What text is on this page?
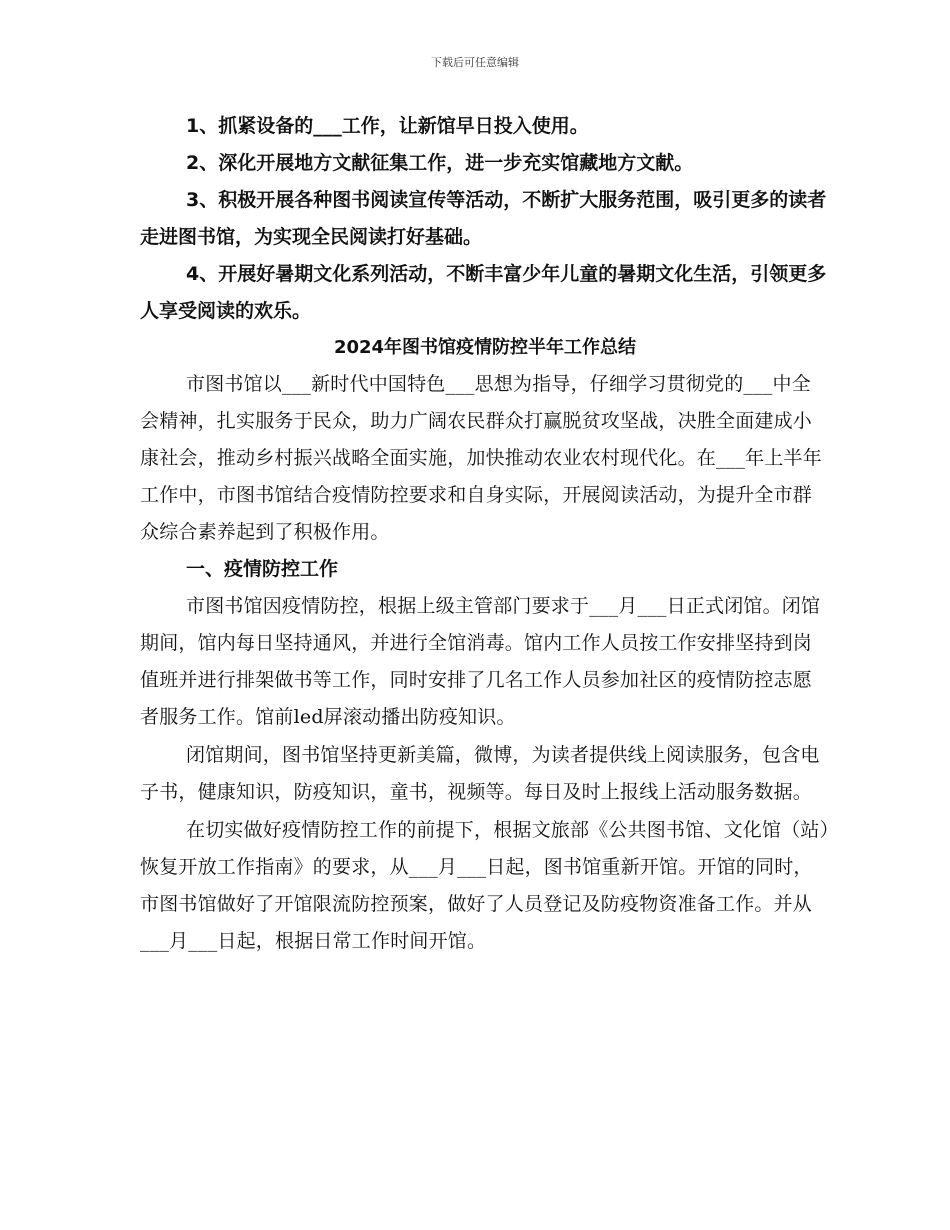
下载后可任意编辑

1、抓紧设备的___工作，让新馆早日投入使用。

2、深化开展地方文献征集工作，进一步充实馆藏地方文献。

3、积极开展各种图书阅读宣传等活动，不断扩大服务范围，吸引更多的读者走进图书馆，为实现全民阅读打好基础。

4、开展好暑期文化系列活动，不断丰富少年儿童的暑期文化生活，引领更多人享受阅读的欢乐。

2024年图书馆疫情防控半年工作总结

市图书馆以___新时代中国特色___思想为指导，仔细学习贯彻党的___中全会精神，扎实服务于民众，助力广阔农民群众打赢脱贫攻坚战，决胜全面建成小康社会，推动乡村振兴战略全面实施，加快推动农业农村现代化。在___年上半年工作中，市图书馆结合疫情防控要求和自身实际，开展阅读活动，为提升全市群众综合素养起到了积极作用。

一、疫情防控工作

市图书馆因疫情防控，根据上级主管部门要求于___月___日正式闭馆。闭馆期间，馆内每日坚持通风，并进行全馆消毒。馆内工作人员按工作安排坚持到岗值班并进行排架做书等工作，同时安排了几名工作人员参加社区的疫情防控志愿者服务工作。馆前led屏滚动播出防疫知识。

闭馆期间，图书馆坚持更新美篇，微博，为读者提供线上阅读服务，包含电子书，健康知识，防疫知识，童书，视频等。每日及时上报线上活动服务数据。

在切实做好疫情防控工作的前提下，根据文旅部《公共图书馆、文化馆（站）恢复开放工作指南》的要求，从___月___日起，图书馆重新开馆。开馆的同时，市图书馆做好了开馆限流防控预案，做好了人员登记及防疫物资准备工作。并从___月___日起，根据日常工作时间开馆。
